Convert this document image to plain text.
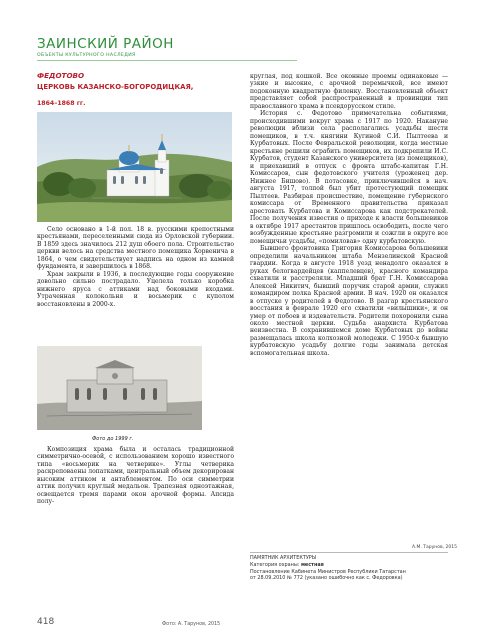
ЗАИНСКИЙ РАЙОН
ОБЪЕКТЫ КУЛЬТУРНОГО НАСЛЕДИЯ
ФЕДОТОВО
ЦЕРКОВЬ КАЗАНСКО-БОГОРОДИЦКАЯ,
1864–1868 гг.

Село основано в 1-й пол. 18 в. русскими крепостными крестьянами, переселенными сюда из Орловской губернии. В 1859 здесь значилось 212 душ обоего пола. Строительство церкви велось на средства местного помещика Хорвенича в 1864, о чем свидетельствует надпись на одном из камней фундамента, и завершилось в 1868.

Храм закрыли в 1936, в последующие годы сооружение довольно сильно пострадало. Уцелела только коробка нижнего яруса с аттиками над боковыми входами. Утраченная колокольня и восьмерик с куполом восстановлены в 2000-х.

Фото до 1999 г.

Композиция храма была и осталась традиционной симметрично-осевой, с использованием хорошо известного типа «восьмерик на четверике». Углы четверика раскреповаены лопатками, центральный объем декорирован высоким аттиком и антаблементом. По оси симметрии аттик получил круглый медальон. Трапезная одноэтажная, освещается тремя парами окон арочной формы. Апсида полу-

круглая, под кошкой. Все оконные проемы одинаковые — узкие и высокие, с арочной перемычкой, все имеют подоконную квадратную филенку. Восстановленный объект представляет собой распространенный в провинции тип православного храма в псевдорусском стиле.

История с. Федотово примечательна событиями, происходившими вокруг храма с 1917 по 1920. Накануне революции вблизи села располагались усадьбы шести помещиков, в т.ч. княгини Кугиной С.И. Пылтеева и Курбатовых. После Февральской революции, когда местные крестьяне решили ограбить помещиков, их подкрепили И.С. Курбатов, студент Казанского университета (из помещиков), и приехавший в отпуск с фронта штабс-капитан Г.Н. Комиссаров, сын федотовского учителя (уроженец дер. Нижнее Бишово). В потасовке, приключившейся в нач. августа 1917, толпой был убит протестующий помещик Пылтеев. Разбирая происшествие, помещение губернского комиссара от Временного правительства приказал арестовать Курбатова и Комиссарова как подстрекателей. После получения известия о приходе к власти большевиков в октябре 1917 арестантов пришлось освободить, после чего возбужденные крестьяне разгромили и сожгли в округе все помещичьи усадьбы, «помиловав» одну курбатовскую.

Бывшего фронтовика Григория Комиссарова большевики определили начальником штаба Мензелинской Красной гвардии. Когда в августе 1918 уезд ненадолго оказался в руках белогвардейцев (каппелевцев), красного командира схватили и расстреляли. Младший брат Г.Н. Комиссарова Алексей Никитич, бывший поручик старой армии, служил командиром полка Красной армии. В нач. 1920 он оказался в отпуске у родителей в Федотово. В разгар крестьянского восстания в феврале 1920 его схватили «вилышики», и он умер от побоев и издевательств. Родители похоронили сына около местной церкви. Судьба анархиста Курбатова неизвестна. В сохранившемся доме Курбатовых до войны размещалась школа колхозной молодежи. С 1950-х бывшую курбатовскую усадьбу долгие годы занимала детская вспомогательная школа.

А.М. Тарунов, 2015
ПАМЯТНИК АРХИТЕКТУРЫ
Категория охраны: местная
Постановление Кабинета Министров Республики Татарстан
от 28.09.2010 № 772 (указано ошибочно как с. Федоровка)
418	Фото: А. Тарунов, 2015
